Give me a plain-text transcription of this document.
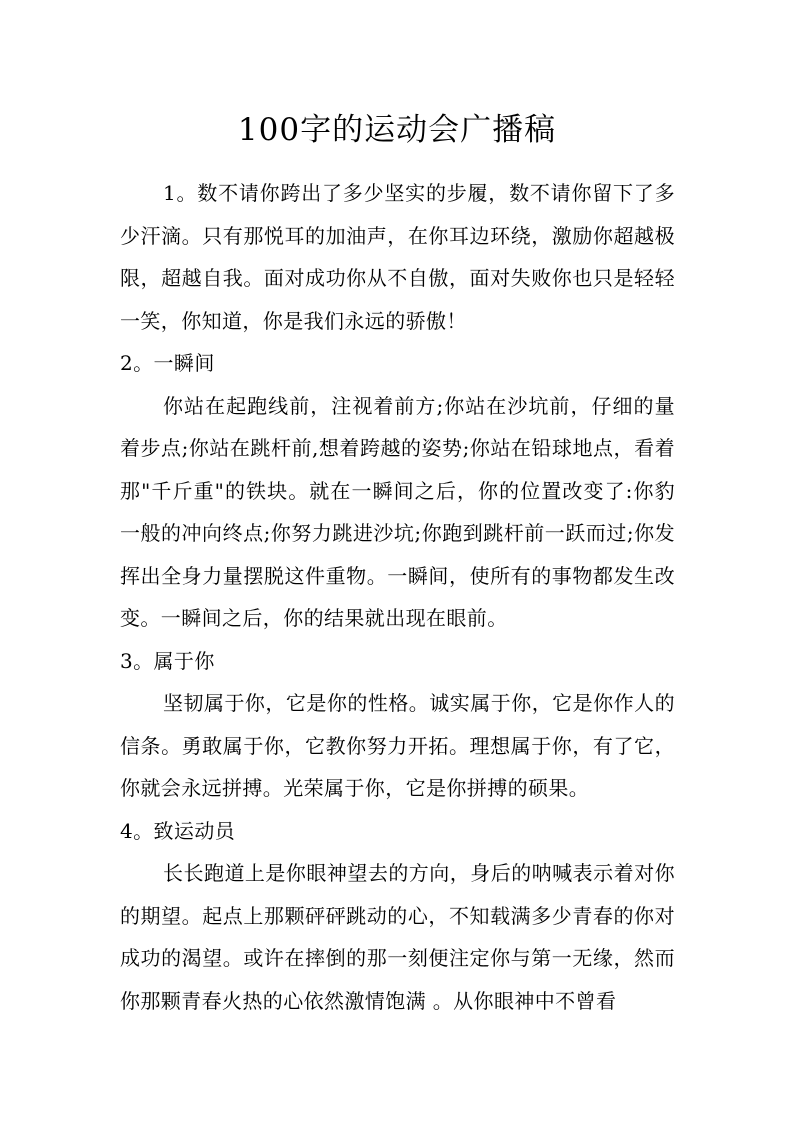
100字的运动会广播稿

1。数不请你跨出了多少坚实的步履，数不请你留下了多少汗滴。只有那悦耳的加油声，在你耳边环绕，激励你超越极限，超越自我。面对成功你从不自傲，面对失败你也只是轻轻一笑，你知道，你是我们永远的骄傲！

2。一瞬间

你站在起跑线前，注视着前方;你站在沙坑前，仔细的量着步点;你站在跳杆前,想着跨越的姿势;你站在铅球地点，看着那"千斤重"的铁块。就在一瞬间之后，你的位置改变了:你豹一般的冲向终点;你努力跳进沙坑;你跑到跳杆前一跃而过;你发挥出全身力量摆脱这件重物。一瞬间，使所有的事物都发生改变。一瞬间之后，你的结果就出现在眼前。

3。属于你

坚韧属于你，它是你的性格。诚实属于你，它是你作人的信条。勇敢属于你，它教你努力开拓。理想属于你，有了它，你就会永远拼搏。光荣属于你，它是你拼搏的硕果。

4。致运动员

长长跑道上是你眼神望去的方向，身后的呐喊表示着对你的期望。起点上那颗砰砰跳动的心，不知载满多少青春的你对成功的渴望。或许在摔倒的那一刻便注定你与第一无缘，然而你那颗青春火热的心依然激情饱满 。从你眼神中不曾看
